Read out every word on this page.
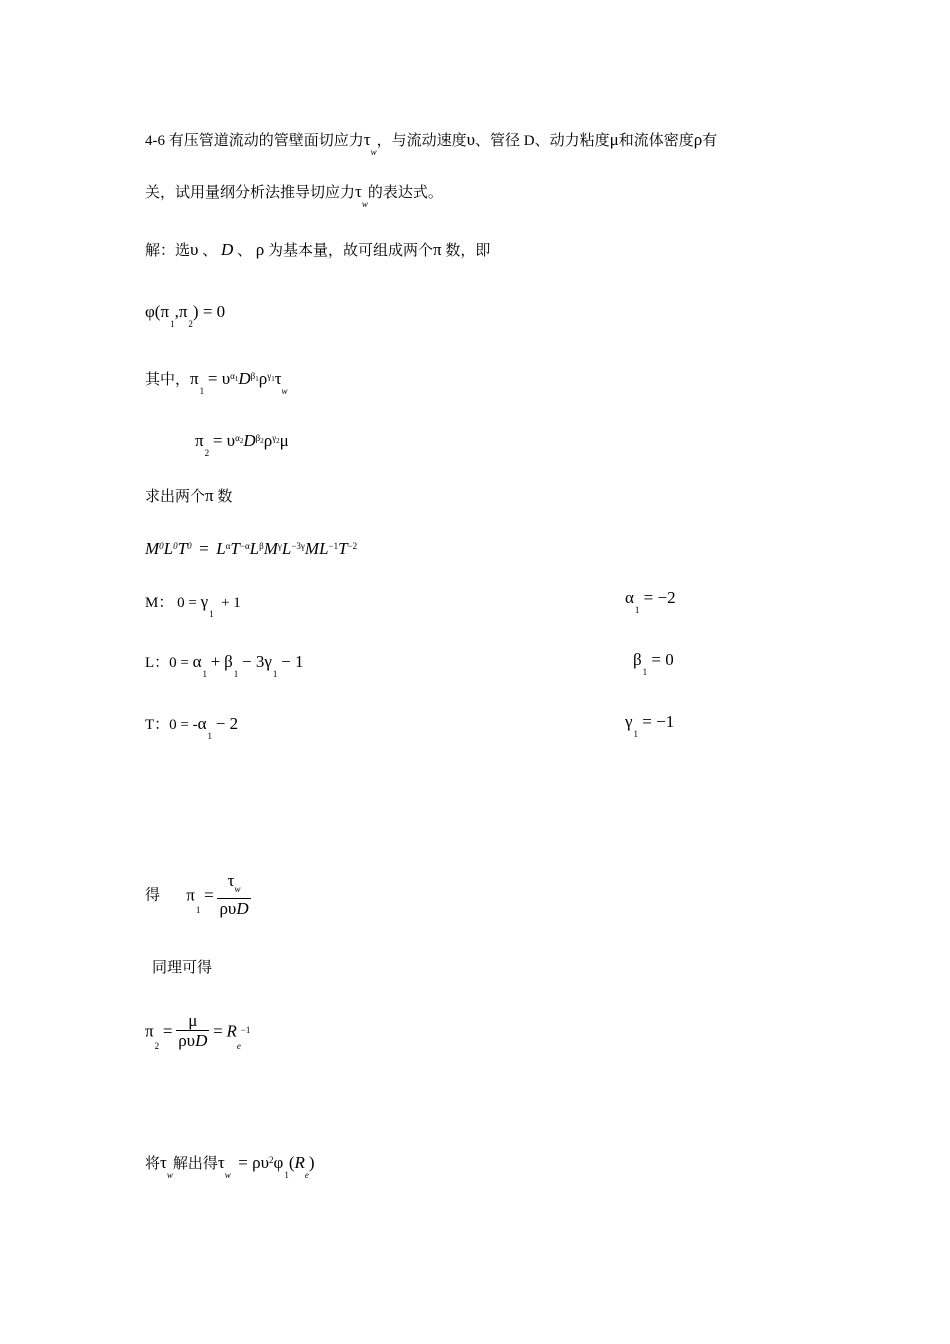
4-6 有压管道流动的管壁面切应力$\tau_w$，与流动速度υ、管径 D、动力粘度μ和流体密度ρ有
关，试用量纲分析法推导切应力$\tau_w$的表达式。
解：选υ 、 D 、 ρ 为基本量，故可组成两个π 数，即
$\varphi(\pi_1,\pi_2) = 0$
其中，$\pi_1 = \upsilon^{\alpha 1}D^{\beta 1}\rho^{\gamma 1}\tau_w$
$\pi_2 = \upsilon^{\alpha 2}D^{\beta 2}\rho^{\gamma 2}\mu$
求出两个π 数
$M^0L^0T^0 = L^\alpha T^{-\alpha}L^\beta M^\gamma L^{-3\gamma}ML^{-1}T^{-2}$
M： $0 = \gamma_1 + 1$	$\alpha_1 = -2$
L：$0 = \alpha_1 + \beta_1 - 3\gamma_1 - 1$	$\beta_1 = 0$
T：$0 = -\alpha_1 - 2$	$\gamma_1 = -1$
得 $\pi_1 = \frac{\tau_w}{\text{ρυD}}$
同理可得
$\pi_2 = \frac{\mu}{\text{ρυD}} = R_e^{-1}$
将$\tau_w$解出得$\tau_w = \rho\upsilon^2\varphi_1(R_e)$
